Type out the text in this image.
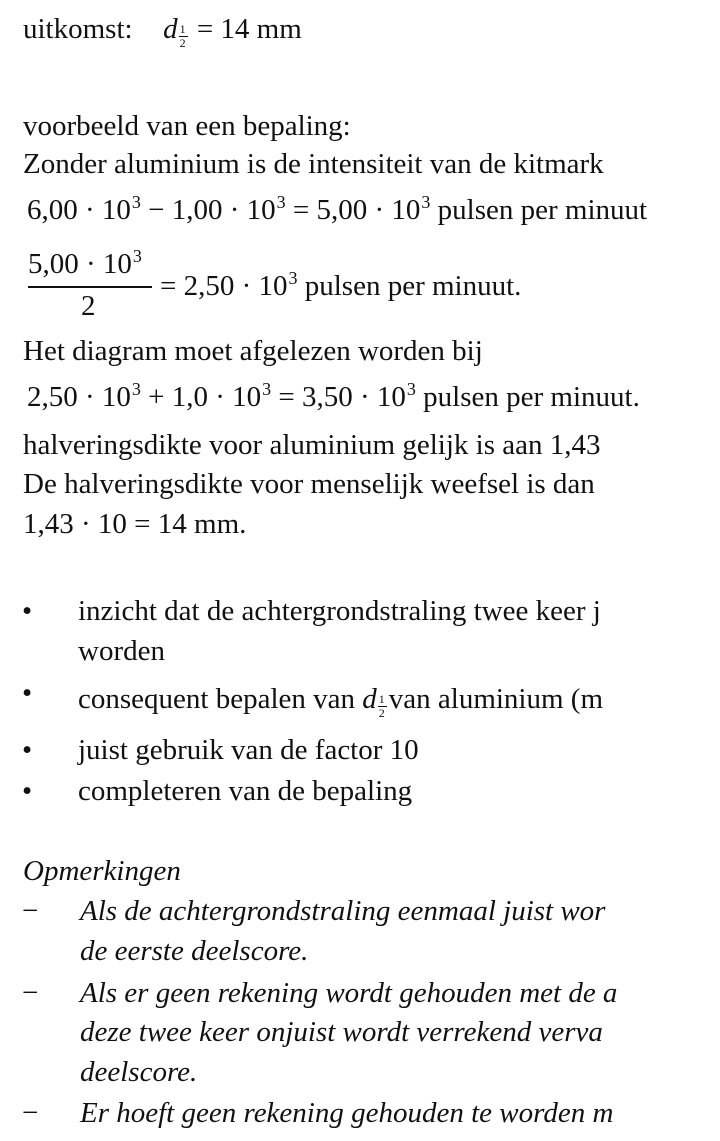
uitkomst: d $\frac{1}{2} = 14$ mm
voorbeeld van een bepaling:
Zonder aluminium is de intensiteit van de kitmark
$6,00 \cdot 10^3 - 1,00 \cdot 10^3 = 5,00 \cdot 10^3$ pulsen per minuut
$5,00 \cdot 10^3$
2
= $2,50 \cdot 10^3$ pulsen per minuut.
Het diagram moet afgelezen worden bij
$2,50 \cdot 10^3 + 1,0 \cdot 10^3 = 3,50 \cdot 10^3$ pulsen per minuut.
halveringsdikte voor aluminium gelijk is aan 1,43
De halveringsdikte voor menselijk weefsel is dan
1,43 · 10 = 14 mm.
• inzicht dat de achtergrondstraling twee keer j
worden
• consequent bepalen van d $\frac{1}{2}$ van aluminium (m
• juist gebruik van de factor 10
• completeren van de bepaling
Opmerkingen
− Als de achtergrondstraling eenmaal juist wor
de eerste deelscore.
− Als er geen rekening wordt gehouden met de a
deze twee keer onjuist wordt verrekend verva
deelscore.
− Er hoeft geen rekening gehouden te worden m
